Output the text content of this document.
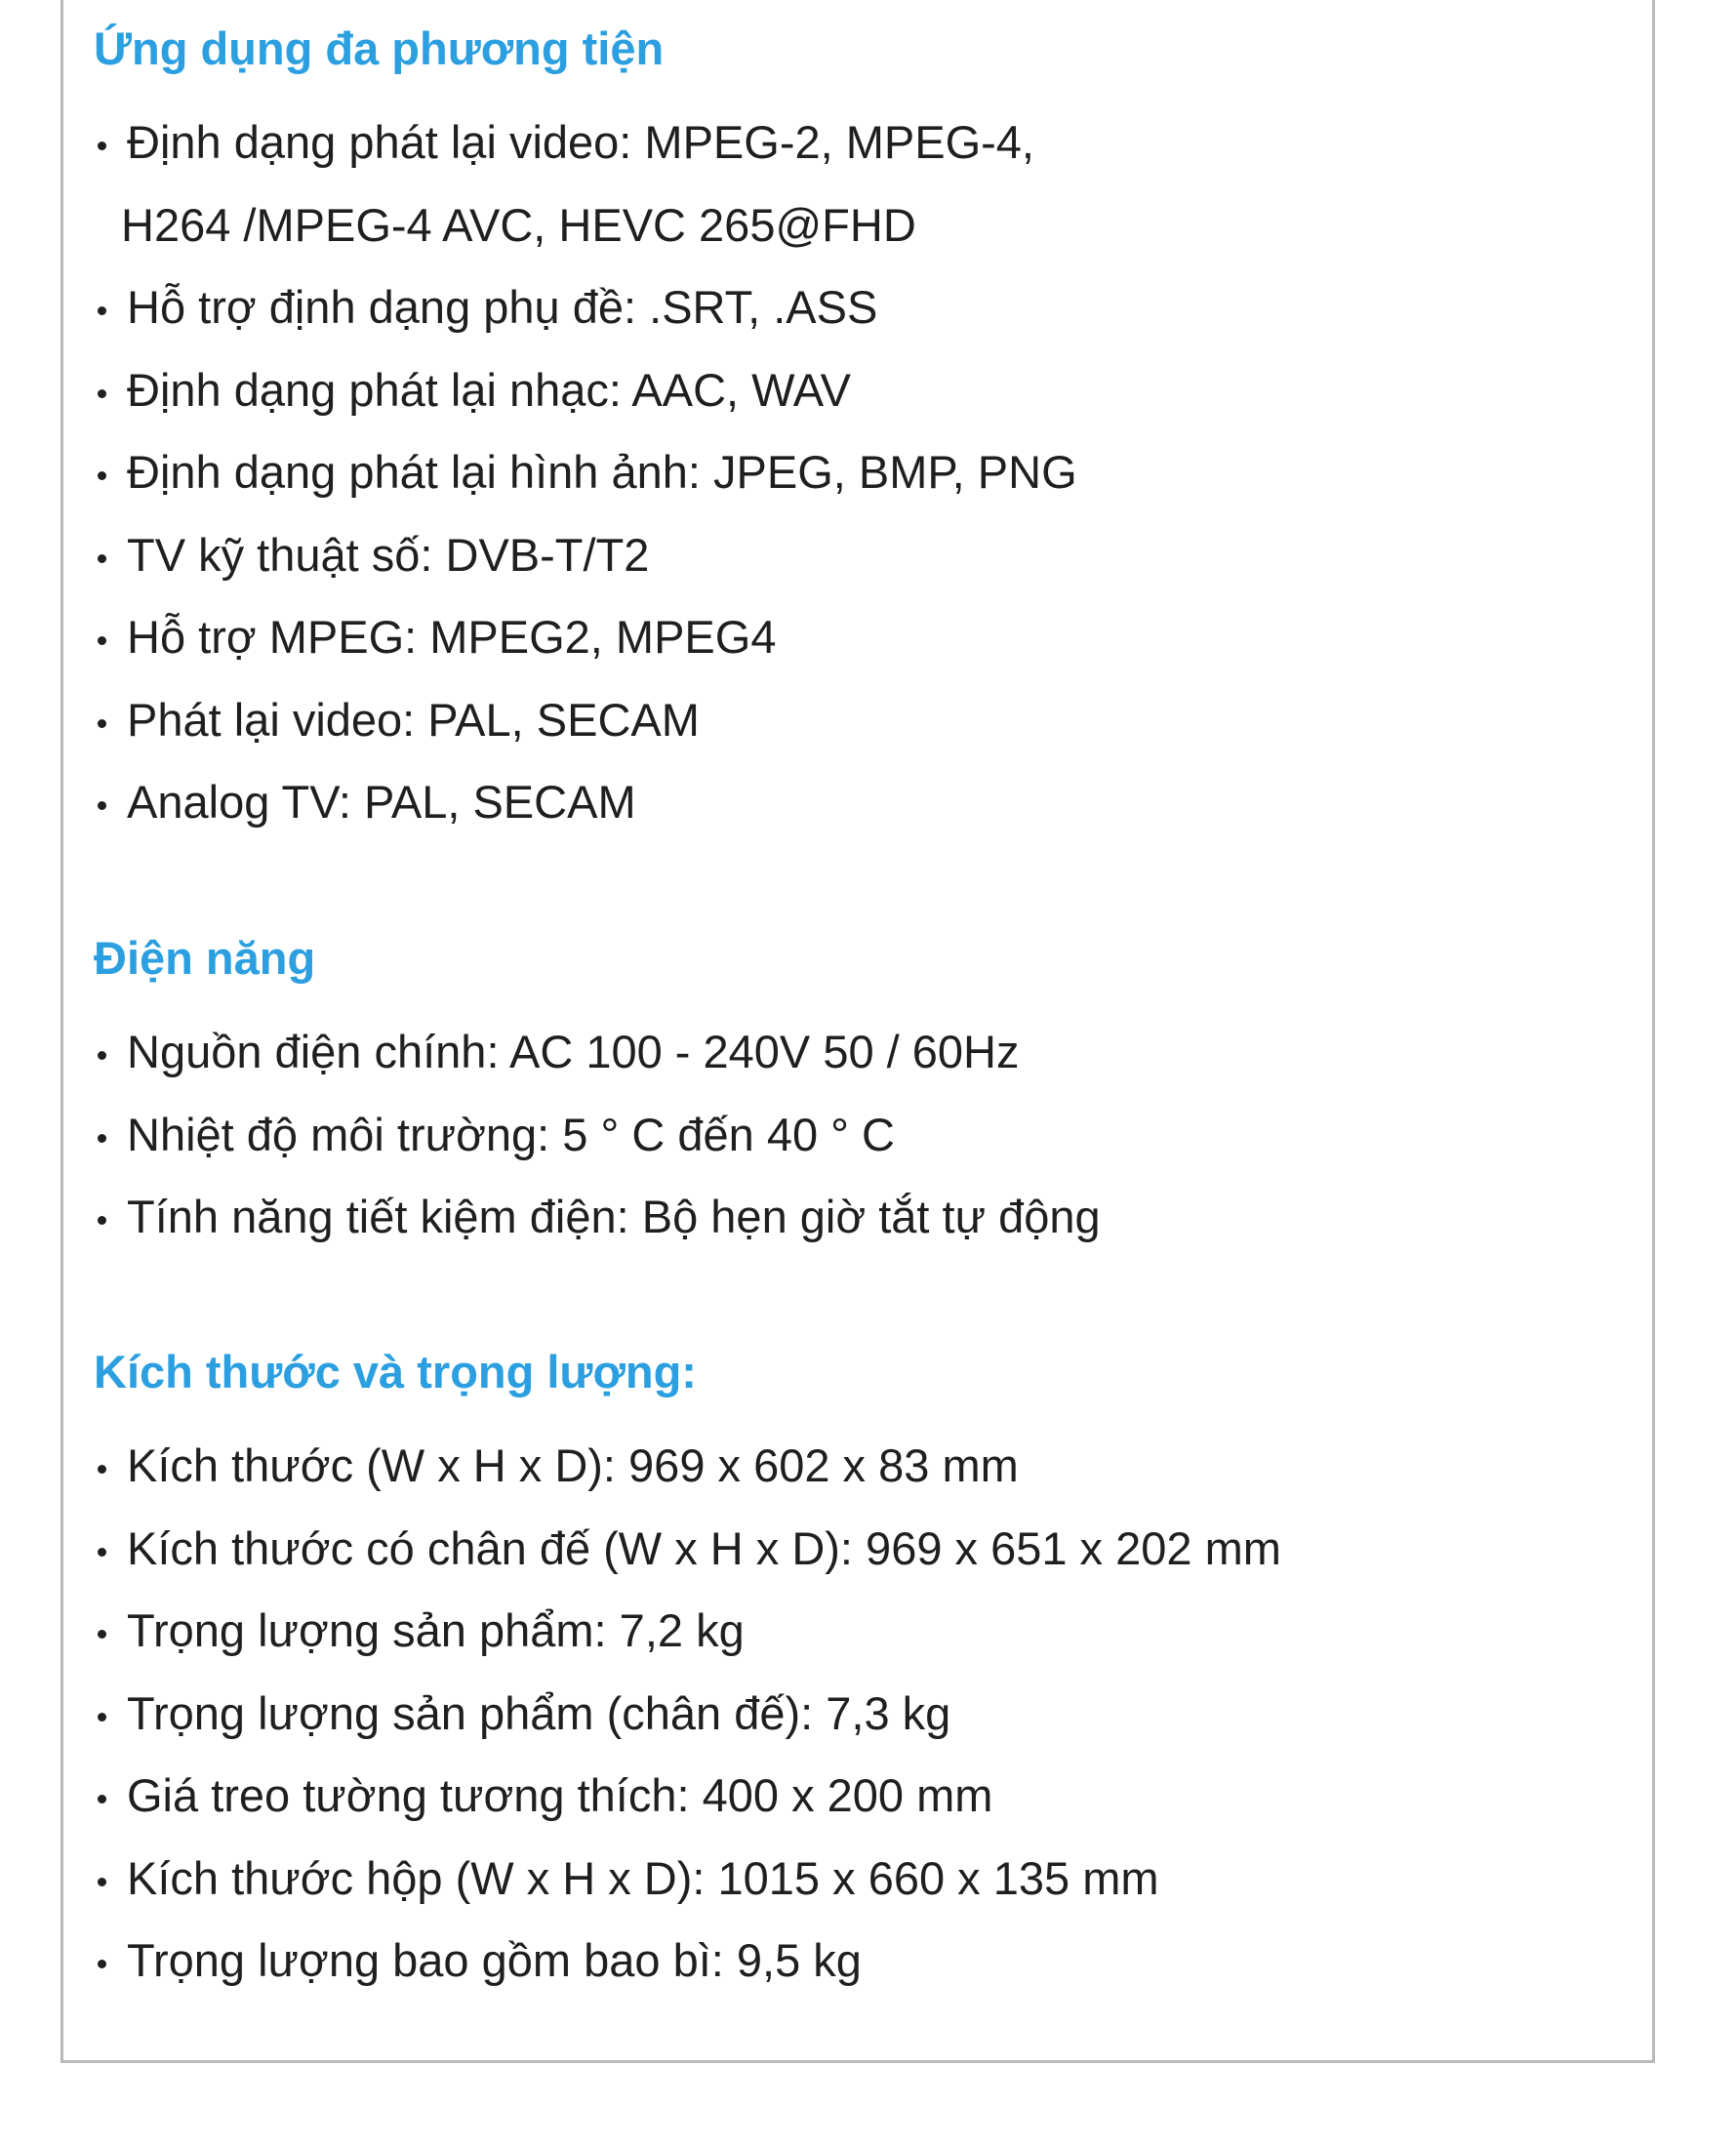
Ứng dụng đa phương tiện
Định dạng phát lại video: MPEG-2, MPEG-4,
H264 /MPEG-4 AVC, HEVC 265@FHD
Hỗ trợ định dạng phụ đề: .SRT, .ASS
Định dạng phát lại nhạc: AAC, WAV
Định dạng phát lại hình ảnh: JPEG, BMP, PNG
TV kỹ thuật số: DVB-T/T2
Hỗ trợ MPEG: MPEG2, MPEG4
Phát lại video: PAL, SECAM
Analog TV: PAL, SECAM
Điện năng
Nguồn điện chính: AC 100 - 240V 50 / 60Hz
Nhiệt độ môi trường: 5 ° C đến 40 ° C
Tính năng tiết kiệm điện: Bộ hẹn giờ tắt tự động
Kích thước và trọng lượng:
Kích thước (W x H x D): 969 x 602 x 83 mm
Kích thước có chân đế (W x H x D): 969 x 651 x 202 mm
Trọng lượng sản phẩm: 7,2 kg
Trọng lượng sản phẩm (chân đế): 7,3 kg
Giá treo tường tương thích: 400 x 200 mm
Kích thước hộp (W x H x D): 1015 x 660 x 135 mm
Trọng lượng bao gồm bao bì: 9,5 kg
